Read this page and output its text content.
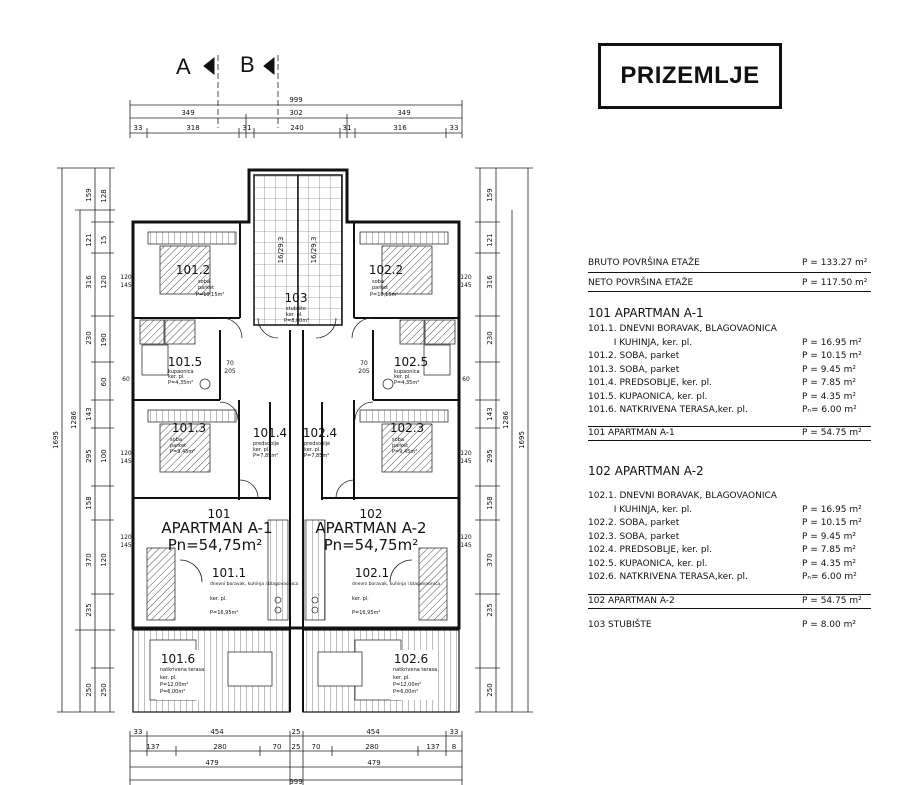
999
349	302	349
33	318	31	240	31	316	33
1695
1286
159
121
316
230
143
295
158
370
235
250
128
15
120
190
60
100
120
250
159
121
316
230
143
295
158
370
235
250
1286
1695
33	454	25	454	33
137	280	70 25 70	280	137 8
479	479
999
120
145
120
145
60	60
120
145
120
145
120
145
120
145
70
205
70
205
16/29,3	16/29,3
101.2
soba
parket
P=10,15m²
102.2
soba
parket
P=10,15m²
103
stubište
ker. pl.
P=8,00m²
101.5
kupaonica
ker. pl.
P=4,35m²
102.5
kupaonica
ker. pl.
P=4,35m²
101.3
soba
parket
P=9,45m²
101.4
predsoblje
ker. pl.
P=7,85m²
102.4
predsoblje
ker. pl.
P=7,85m²
102.3
soba
parket
P=9,45m²
101
APARTMAN A-1
Pn=54,75m²
102
APARTMAN A-2
Pn=54,75m²
101.1
dnevni boravak, kuhinja i blagovaonica
ker. pl.
P=16,95m²
102.1
dnevni boravak, kuhinja i blagovaonica
ker. pl.
P=16,95m²
101.6
natkrivena terasa
ker. pl.
P=12,00m²
P=6,00m²
102.6
natkrivena terasa
ker. pl.
P=12,00m²
P=6,00m²
A B	PRIZEMLJE
BRUTO POVRŠINA ETAŽE	P = 133.27 m²
NETO POVRŠINA ETAŽE	P = 117.50 m²
101 APARTMAN A-1
101.1. DNEVNI BORAVAK, BLAGOVAONICA
I KUHINJA, ker. pl.	P = 16.95 m²
101.2. SOBA, parket	P = 10.15 m²
101.3. SOBA, parket	P = 9.45 m²
101.4. PREDSOBLJE, ker. pl.	P = 7.85 m²
101.5. KUPAONICA, ker. pl.	P = 4.35 m²
101.6. NATKRIVENA TERASA,ker. pl.	Pₙ= 6.00 m²
101 APARTMAN A-1	P = 54.75 m²
102 APARTMAN A-2
102.1. DNEVNI BORAVAK, BLAGOVAONICA
I KUHINJA, ker. pl.	P = 16.95 m²
102.2. SOBA, parket	P = 10.15 m²
102.3. SOBA, parket	P = 9.45 m²
102.4. PREDSOBLJE, ker. pl.	P = 7.85 m²
102.5. KUPAONICA, ker. pl.	P = 4.35 m²
102.6. NATKRIVENA TERASA,ker. pl.	Pₙ= 6.00 m²
102 APARTMAN A-2	P = 54.75 m²
103 STUBIŠTE	P = 8.00 m²
